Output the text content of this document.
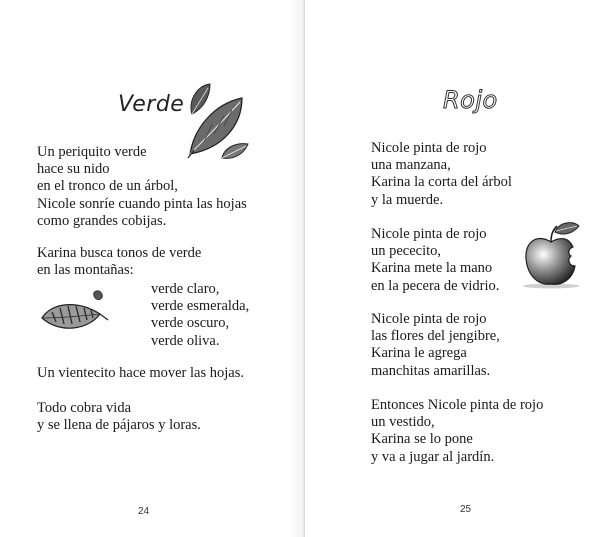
Verde
Un periquito verde
hace su nido
en el tronco de un árbol,
Nicole sonríe cuando pinta las hojas
como grandes cobijas.
Karina busca tonos de verde
en las montañas:
verde claro,
verde esmeralda,
verde oscuro,
verde oliva.
Un vientecito hace mover las hojas.
Todo cobra vida
y se llena de pájaros y loras.
24
Rojo
Nicole pinta de rojo
una manzana,
Karina la corta del árbol
y la muerde.
Nicole pinta de rojo
un pececito,
Karina mete la mano
en la pecera de vidrio.
Nicole pinta de rojo
las flores del jengibre,
Karina le agrega
manchitas amarillas.
Entonces Nicole pinta de rojo
un vestido,
Karina se lo pone
y va a jugar al jardín.
25
